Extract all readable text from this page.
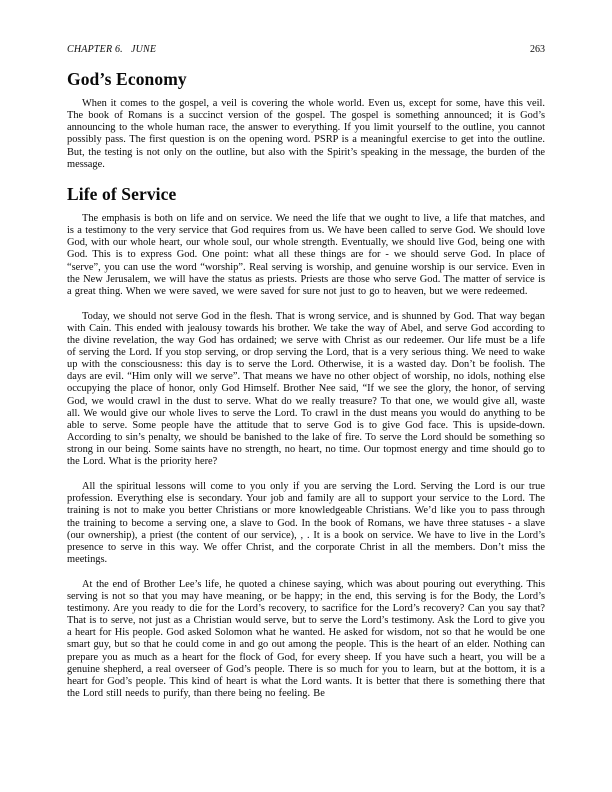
CHAPTER 6.   JUNE	263
God’s Economy

When it comes to the gospel, a veil is covering the whole world. Even us, except for some, have this veil. The book of Romans is a succinct version of the gospel. The gospel is something announced; it is God’s announcing to the whole human race, the answer to everything. If you limit yourself to the outline, you cannot possibly pass. The first question is on the opening word. PSRP is a meaningful exercise to get into the outline. But, the testing is not only on the outline, but also with the Spirit’s speaking in the message, the burden of the message.

Life of Service

The emphasis is both on life and on service. We need the life that we ought to live, a life that matches, and is a testimony to the very service that God requires from us. We have been called to serve God. We should love God, with our whole heart, our whole soul, our whole strength. Eventually, we should live God, being one with God. This is to express God. One point: what all these things are for - we should serve God. In place of “serve”, you can use the word “worship”. Real serving is worship, and genuine worship is our service. Even in the New Jerusalem, we will have the status as priests. Priests are those who serve God. The matter of service is a great thing. When we were saved, we were saved for sure not just to go to heaven, but we were redeemed.

Today, we should not serve God in the flesh. That is wrong service, and is shunned by God. That way began with Cain. This ended with jealousy towards his brother. We take the way of Abel, and serve God according to the divine revelation, the way God has ordained; we serve with Christ as our redeemer. Our life must be a life of serving the Lord. If you stop serving, or drop serving the Lord, that is a very serious thing. We need to wake up with the consciousness: this day is to serve the Lord. Otherwise, it is a wasted day. Don’t be foolish. The days are evil. “Him only will we serve”. That means we have no other object of worship, no idols, nothing else occupying the place of honor, only God Himself. Brother Nee said, “If we see the glory, the honor, of serving God, we would crawl in the dust to serve. What do we really treasure? To that one, we would give all, waste all. We would give our whole lives to serve the Lord. To crawl in the dust means you would do anything to be able to serve. Some people have the attitude that to serve God is to give God face. This is upside-down. According to sin’s penalty, we should be banished to the lake of fire. To serve the Lord should be something so strong in our being. Some saints have no strength, no heart, no time. Our topmost energy and time should go to the Lord. What is the priority here?

All the spiritual lessons will come to you only if you are serving the Lord. Serving the Lord is our true profession. Everything else is secondary. Your job and family are all to support your service to the Lord. The training is not to make you better Christians or more knowledgeable Christians. We’d like you to pass through the training to become a serving one, a slave to God. In the book of Romans, we have three statuses - a slave (our ownership), a priest (the content of our service), , . It is a book on service. We have to live in the Lord’s presence to serve in this way. We offer Christ, and the corporate Christ in all the members. Don’t miss the meetings.

At the end of Brother Lee’s life, he quoted a chinese saying, which was about pouring out everything. This serving is not so that you may have meaning, or be happy; in the end, this serving is for the Body, the Lord’s testimony. Are you ready to die for the Lord’s recovery, to sacrifice for the Lord’s recovery? Can you say that? That is to serve, not just as a Christian would serve, but to serve the Lord’s testimony. Ask the Lord to give you a heart for His people. God asked Solomon what he wanted. He asked for wisdom, not so that he would be one smart guy, but so that he could come in and go out among the people. This is the heart of an elder. Nothing can prepare you as much as a heart for the flock of God, for every sheep. If you have such a heart, you will be a genuine shepherd, a real overseer of God’s people. There is so much for you to learn, but at the bottom, it is a heart for God’s people. This kind of heart is what the Lord wants. It is better that there is something there that the Lord still needs to purify, than there being no feeling. Be
